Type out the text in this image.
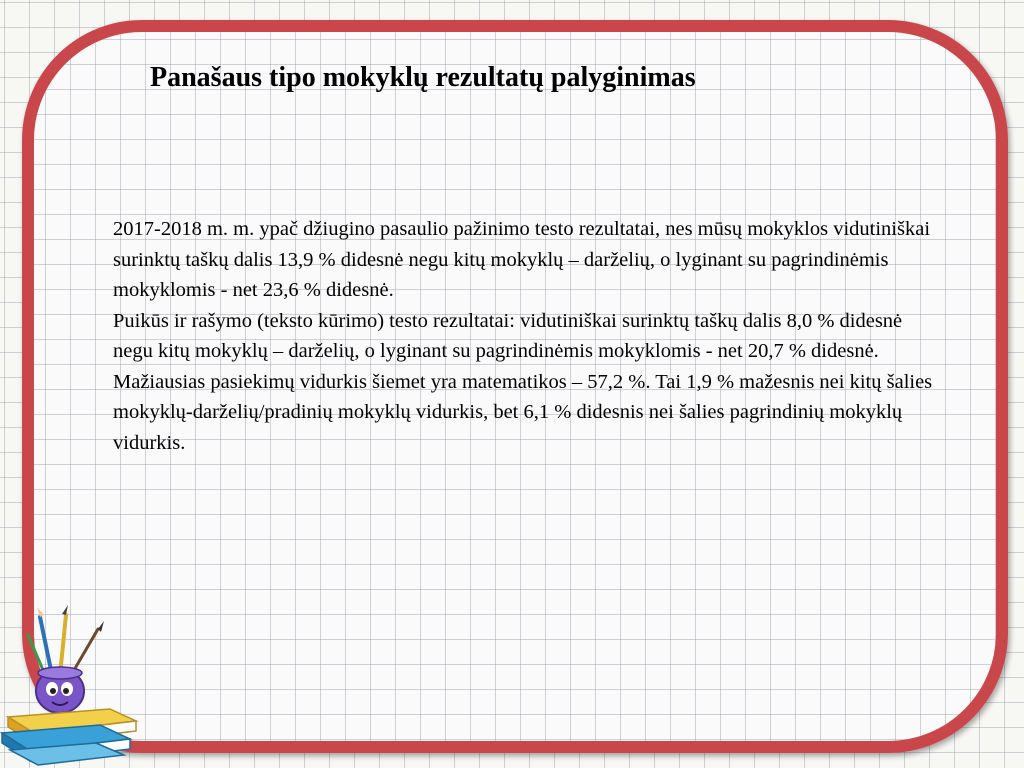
Panašaus tipo mokyklų rezultatų palyginimas

2017-2018 m. m. ypač džiugino pasaulio pažinimo testo rezultatai, nes mūsų mokyklos vidutiniškai surinktų taškų dalis 13,9 % didesnė negu kitų mokyklų – darželių, o lyginant su pagrindinėmis mokyklomis - net 23,6 % didesnė.

Puikūs ir rašymo (teksto kūrimo) testo rezultatai: vidutiniškai surinktų taškų dalis 8,0 % didesnė negu kitų mokyklų – darželių, o lyginant su pagrindinėmis mokyklomis - net 20,7 % didesnė.

Mažiausias pasiekimų vidurkis šiemet yra matematikos – 57,2 %. Tai 1,9 % mažesnis nei kitų šalies mokyklų-darželių/pradinių mokyklų vidurkis, bet 6,1 % didesnis nei šalies pagrindinių mokyklų vidurkis.
